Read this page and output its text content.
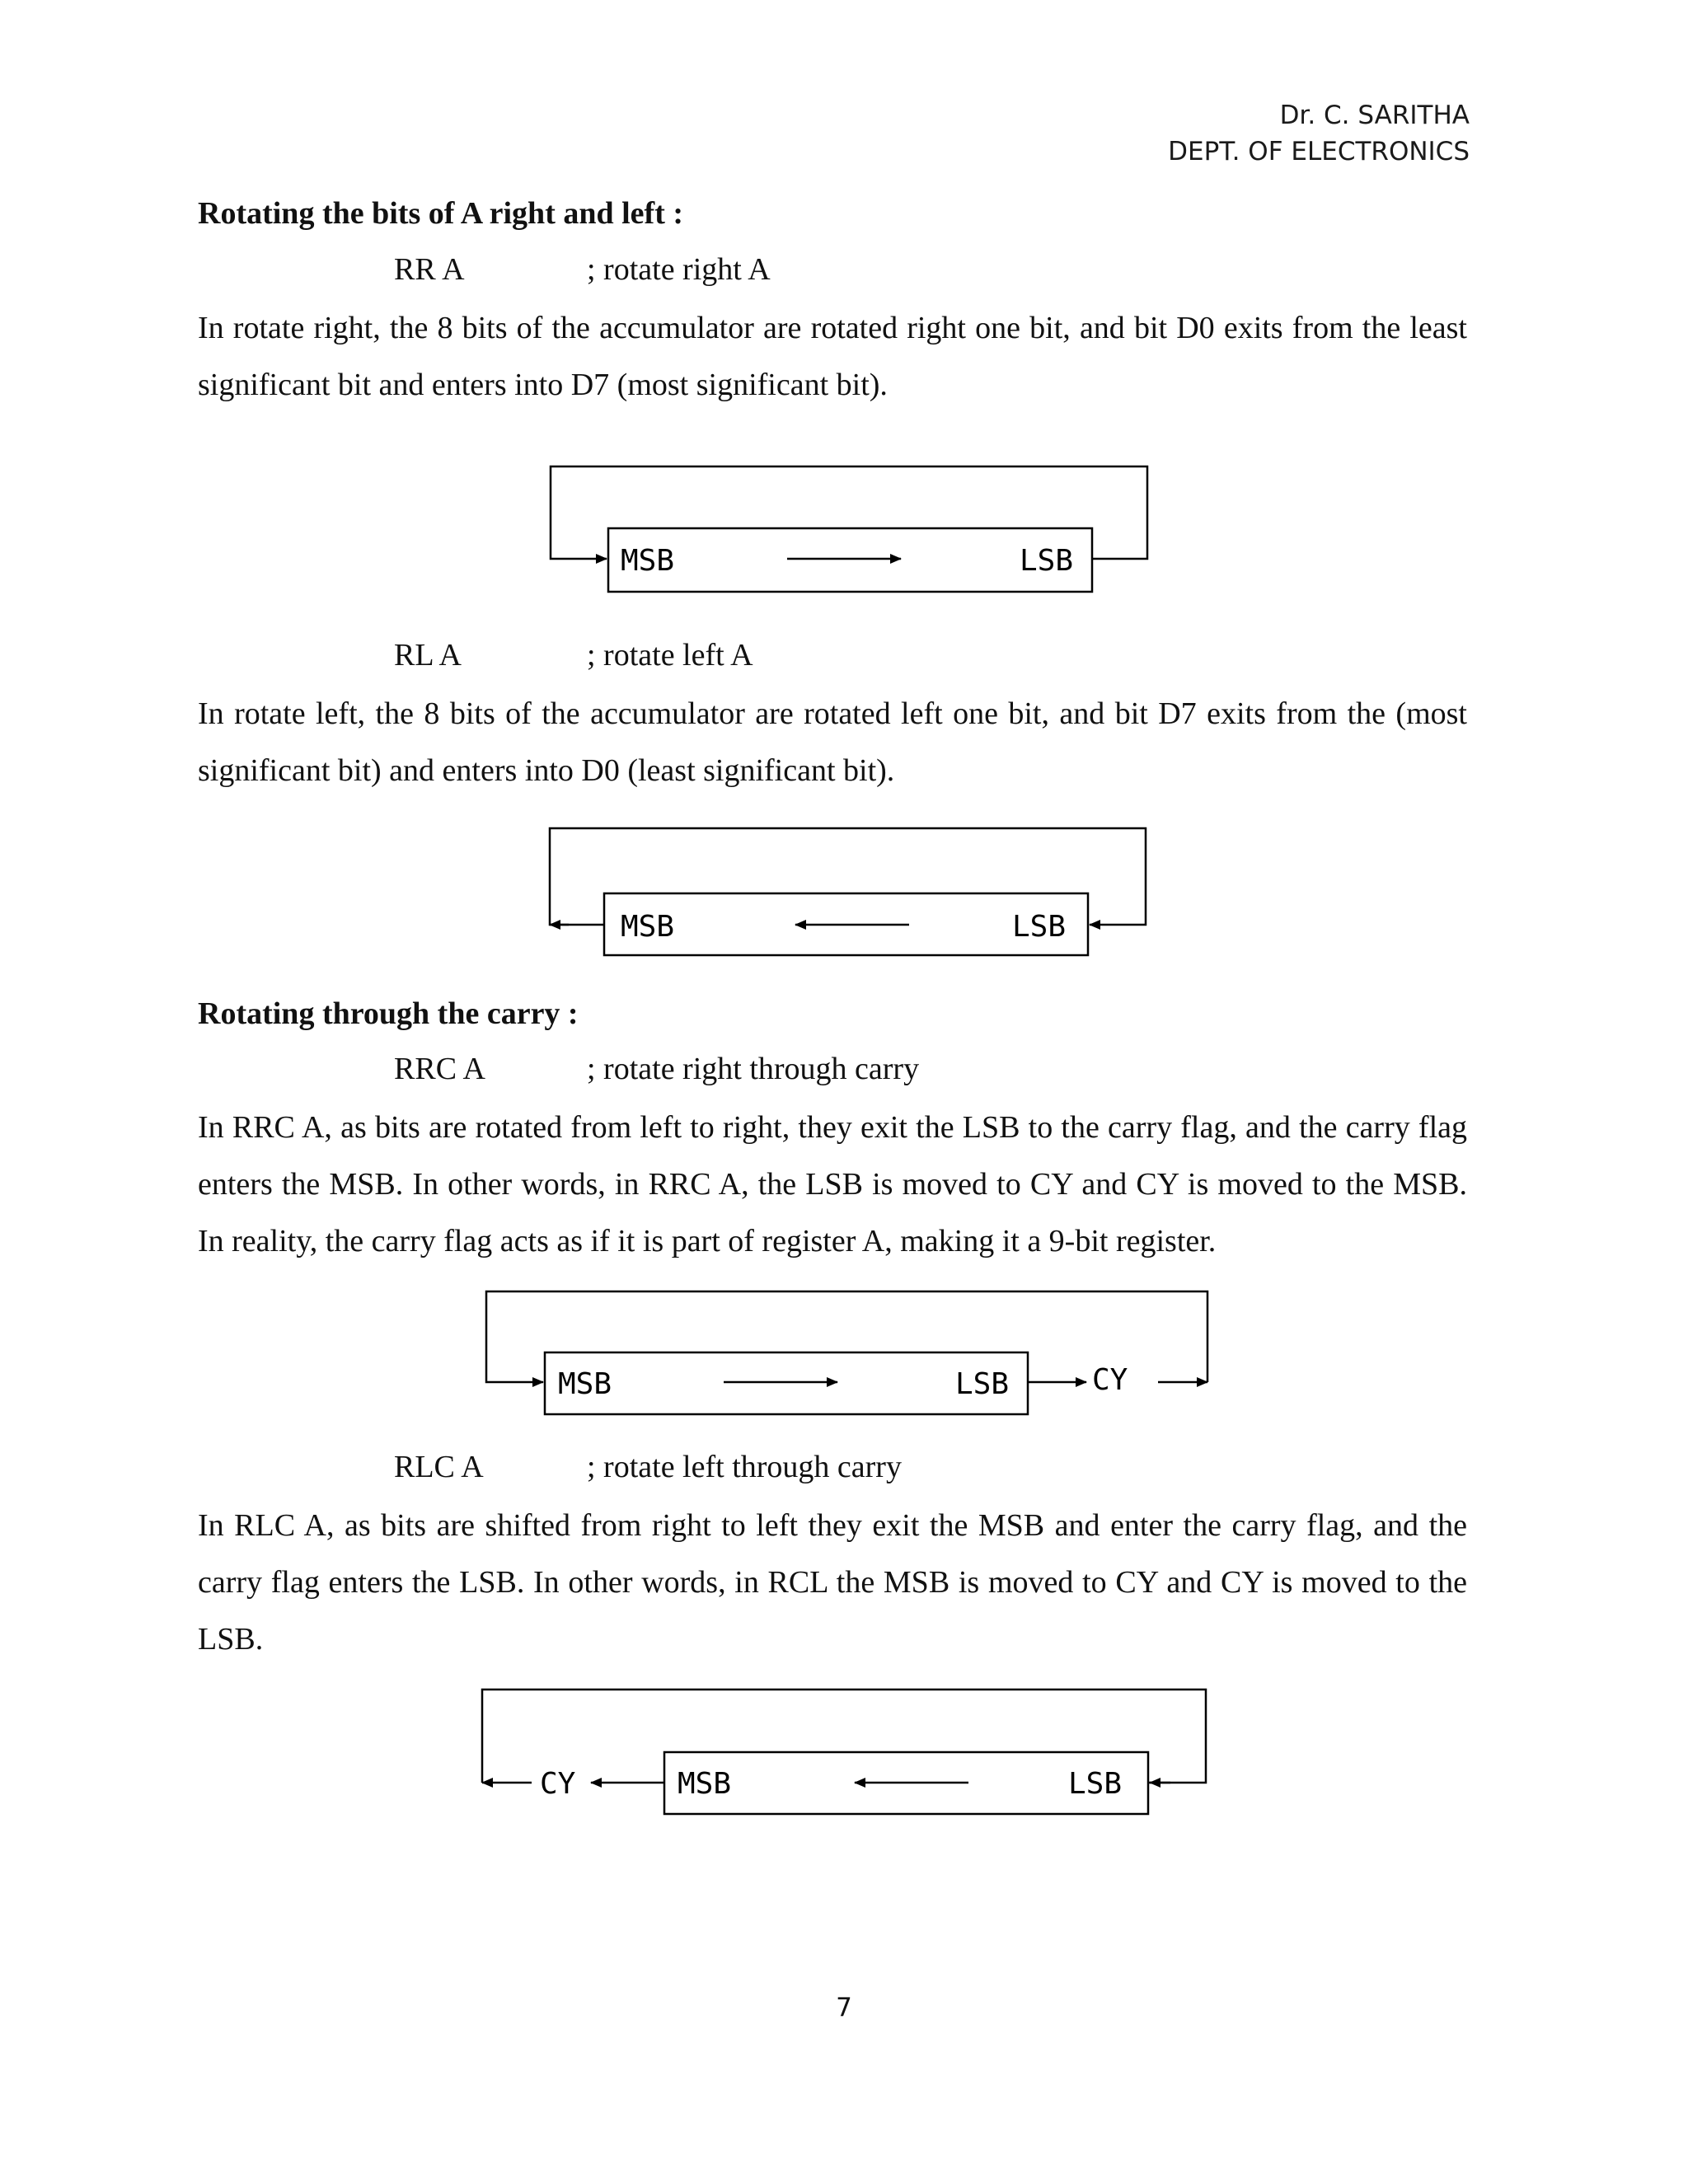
Dr. C. SARITHA
DEPT. OF ELECTRONICS
Rotating the bits of A right and left :
RR A	; rotate right A
In rotate right, the 8 bits of the accumulator are rotated right one bit, and bit D0 exits from the least significant bit and enters into D7 (most significant bit).
MSB	LSB
RL A	; rotate left A
In rotate left, the 8 bits of the accumulator are rotated left one bit, and bit D7 exits from the (most significant bit) and enters into D0 (least significant bit).
MSB	LSB
Rotating through the carry :
RRC A	; rotate right through carry
In RRC A, as bits are rotated from left to right, they exit the LSB to the carry flag, and the carry flag enters the MSB. In other words, in RRC A, the LSB is moved to CY and CY is moved to the MSB. In reality, the carry flag acts as if it is part of register A, making it a 9-bit register.
MSB	LSB	CY
RLC A	; rotate left through carry
In RLC A, as bits are shifted from right to left they exit the MSB and enter the carry flag, and the carry flag enters the LSB. In other words, in RCL the MSB is moved to CY and CY is moved to the LSB.
CY	MSB	LSB
7
